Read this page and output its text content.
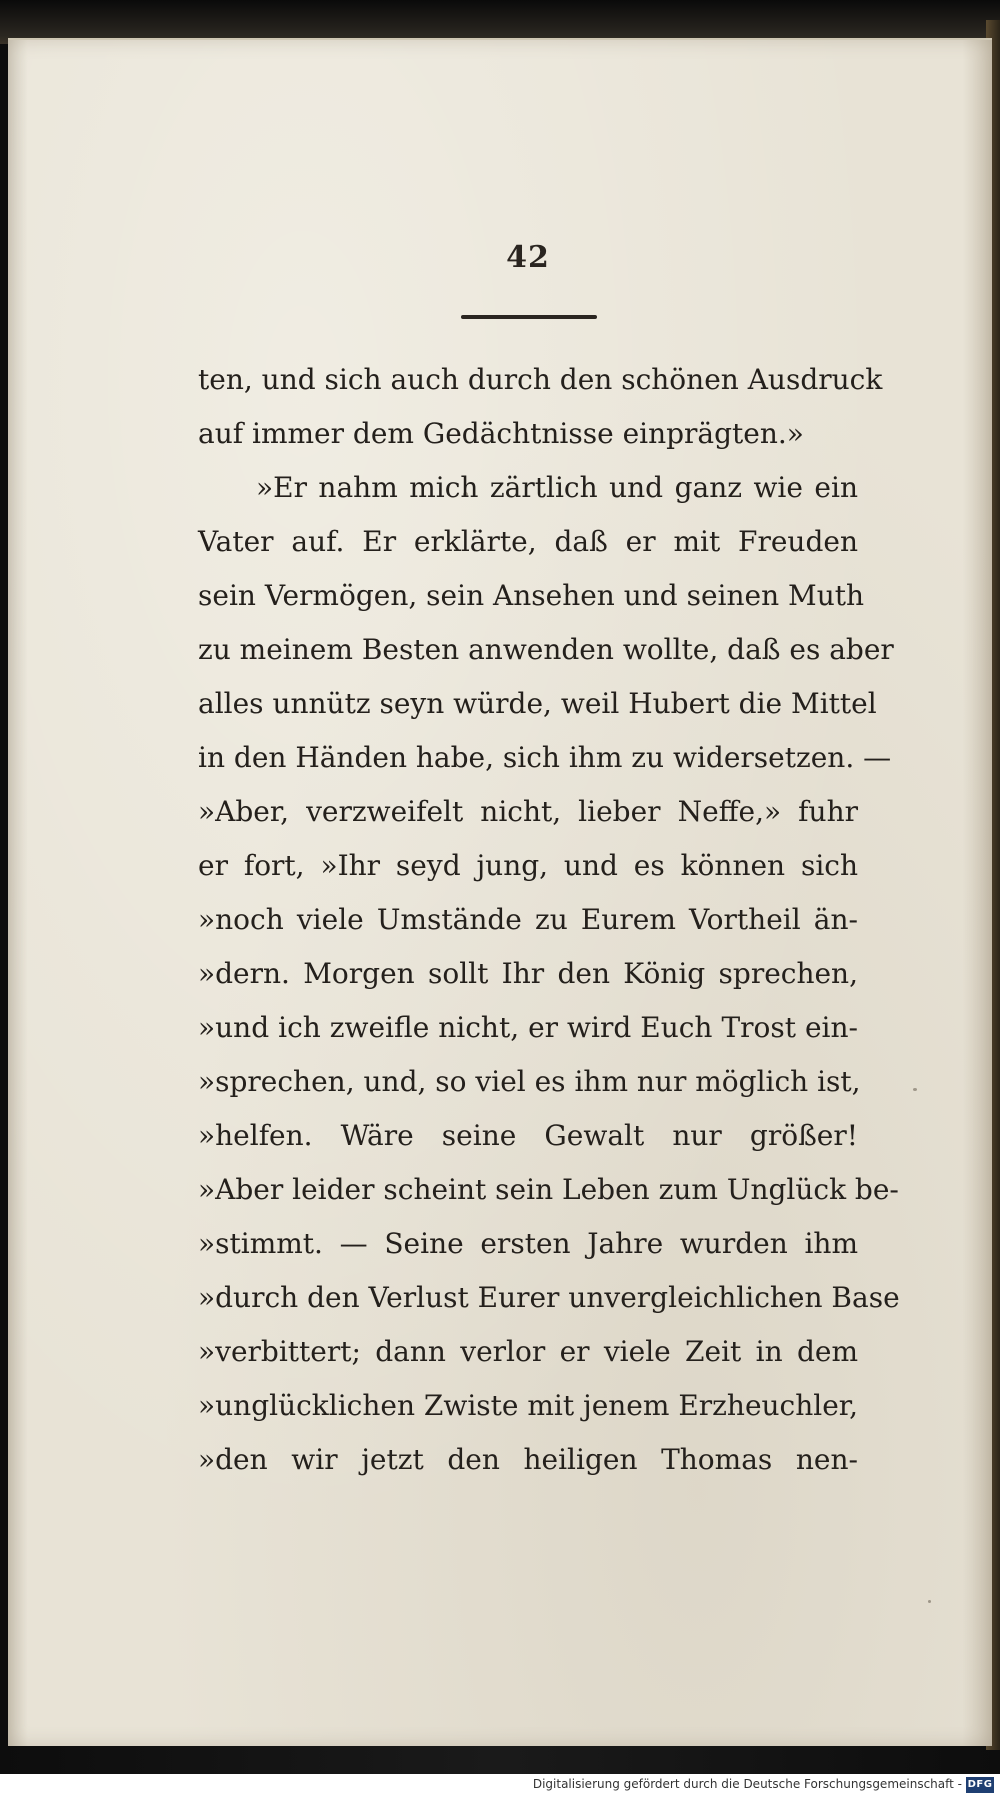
42
ten, und sich auch durch den schönen Ausdruck
auf immer dem Gedächtnisse einprägten.»
»Er nahm mich zärtlich und ganz wie ein
Vater auf. Er erklärte, daß er mit Freuden
sein Vermögen, sein Ansehen und seinen Muth
zu meinem Besten anwenden wollte, daß es aber
alles unnütz seyn würde, weil Hubert die Mittel
in den Händen habe, sich ihm zu widersetzen. —
»Aber, verzweifelt nicht, lieber Neffe,» fuhr
er fort, »Ihr seyd jung, und es können sich
»noch viele Umstände zu Eurem Vortheil än-
»dern. Morgen sollt Ihr den König sprechen,
»und ich zweifle nicht, er wird Euch Trost ein-
»sprechen, und, so viel es ihm nur möglich ist,
»helfen. Wäre seine Gewalt nur größer!
»Aber leider scheint sein Leben zum Unglück be-
»stimmt. — Seine ersten Jahre wurden ihm
»durch den Verlust Eurer unvergleichlichen Base
»verbittert; dann verlor er viele Zeit in dem
»unglücklichen Zwiste mit jenem Erzheuchler,
»den wir jetzt den heiligen Thomas nen-
Digitalisierung gefördert durch die Deutsche Forschungsgemeinschaft - DFG
